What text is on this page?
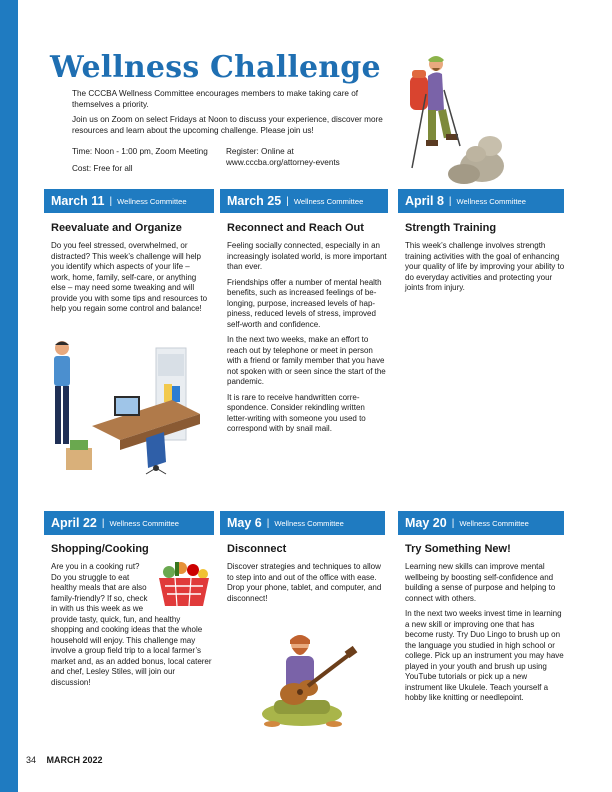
Wellness Challenge

The CCCBA Wellness Committee encourages members to make taking care of themselves a priority.

Join us on Zoom on select Fridays at Noon to discuss your experience, discover more resources and learn about the upcoming challenge. Please join us!

Time: Noon - 1:00 pm, Zoom Meeting
Cost: Free for all
Register: Online at
www.cccba.org/attorney-events
March 11 | Wellness Committee	March 25 | Wellness Committee	April 8 | Wellness Committee
Reevaluate and Organize

Do you feel stressed, overwhelmed, or distracted? This week’s challenge will help you identify which aspects of your life – work, home, family, self-care, or anything else – may need some tweaking and will provide you with some tips and resources to help you regain some control and balance!

Reconnect and Reach Out

Feeling socially connected, especially in an increasingly isolated world, is more important than ever.

Friendships offer a number of mental health benefits, such as increased feelings of be-longing, purpose, increased levels of hap-piness, reduced levels of stress, improved self-worth and confidence.

In the next two weeks, make an effort to reach out by telephone or meet in person with a friend or family member that you have not spoken with or seen since the start of the pandemic.

It is rare to receive handwritten corre-spondence. Consider rekindling written letter-writing with someone you used to correspond with by snail mail.

Strength Training

This week’s challenge involves strength training activities with the goal of enhancing your quality of life by improving your ability to do everyday activities and protecting your joints from injury.

April 22 | Wellness Committee	May 6 | Wellness Committee	May 20 | Wellness Committee
Shopping/Cooking

Are you in a cooking rut? Do you struggle to eat healthy meals that are also family-friendly? If so, check in with us this week as we provide tasty, quick, fun, and healthy shopping and cooking ideas that the whole household will enjoy. This challenge may involve a group field trip to a local farmer’s market and, as an added bonus, local caterer and chef, Lesley Stiles, will join our discussion!

Disconnect

Discover strategies and techniques to allow to step into and out of the office with ease. Drop your phone, tablet, and computer, and disconnect!

Try Something New!

Learning new skills can improve mental wellbeing by boosting self-confidence and building a sense of purpose and helping to connect with others.

In the next two weeks invest time in learning a new skill or improving one that has become rusty. Try Duo Lingo to brush up on the language you studied in high school or college. Pick up an instrument you may have played in your youth and brush up using YouTube tutorials or pick up a new instrument like Ukulele. Teach yourself a hobby like knitting or needlepoint.

34 MARCH 2022
